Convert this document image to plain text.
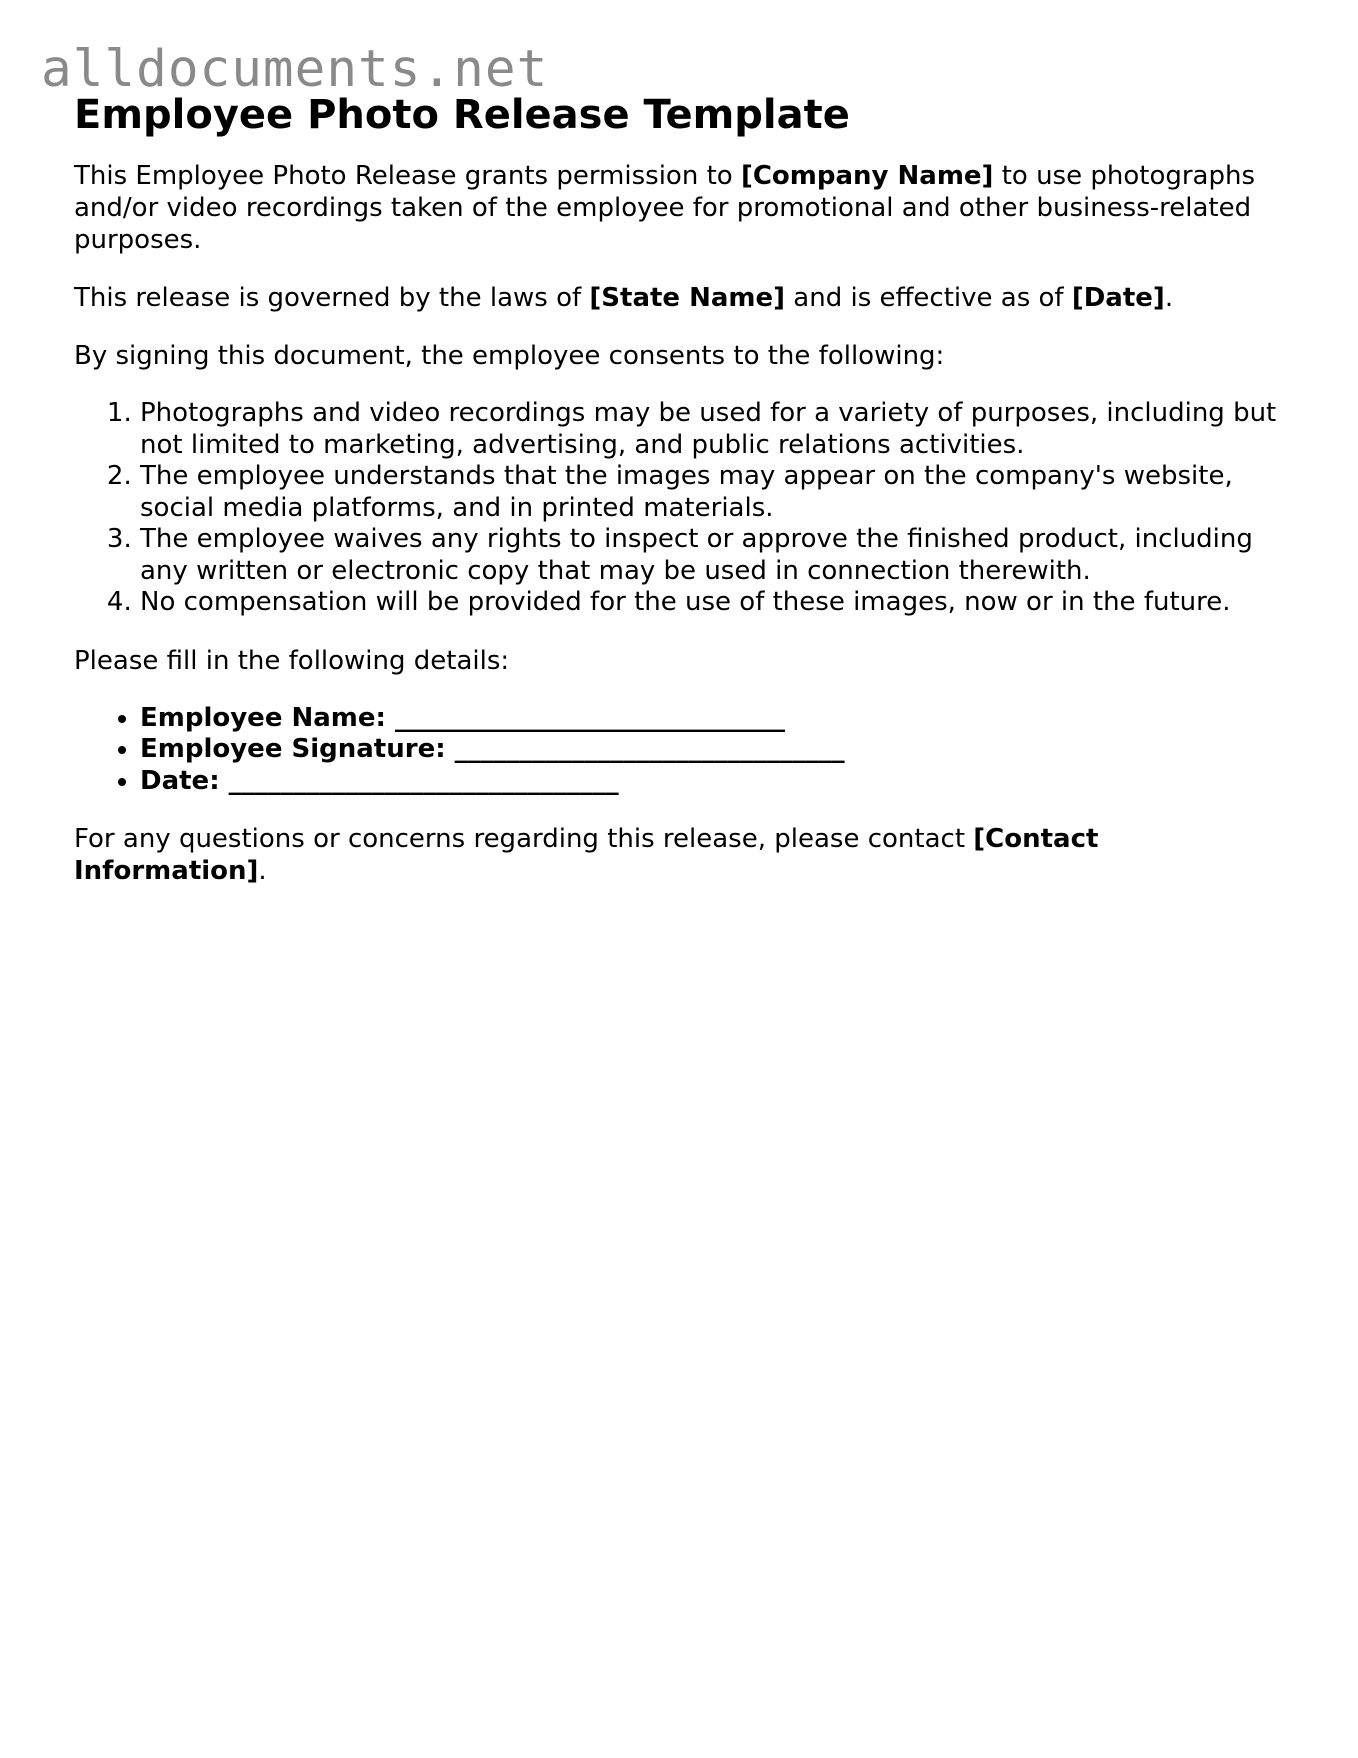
alldocuments.net
Employee Photo Release Template

This Employee Photo Release grants permission to [Company Name] to use photographs and/or video recordings taken of the employee for promotional and other business-related purposes.

This release is governed by the laws of [State Name] and is effective as of [Date].

By signing this document, the employee consents to the following:

1. Photographs and video recordings may be used for a variety of purposes, including but not limited to marketing, advertising, and public relations activities.
2. The employee understands that the images may appear on the company's website, social media platforms, and in printed materials.
3. The employee waives any rights to inspect or approve the finished product, including any written or electronic copy that may be used in connection therewith.
4. No compensation will be provided for the use of these images, now or in the future.

Please fill in the following details:

• Employee Name: ______________________________
• Employee Signature: ______________________________
• Date: ______________________________

For any questions or concerns regarding this release, please contact [Contact Information].
